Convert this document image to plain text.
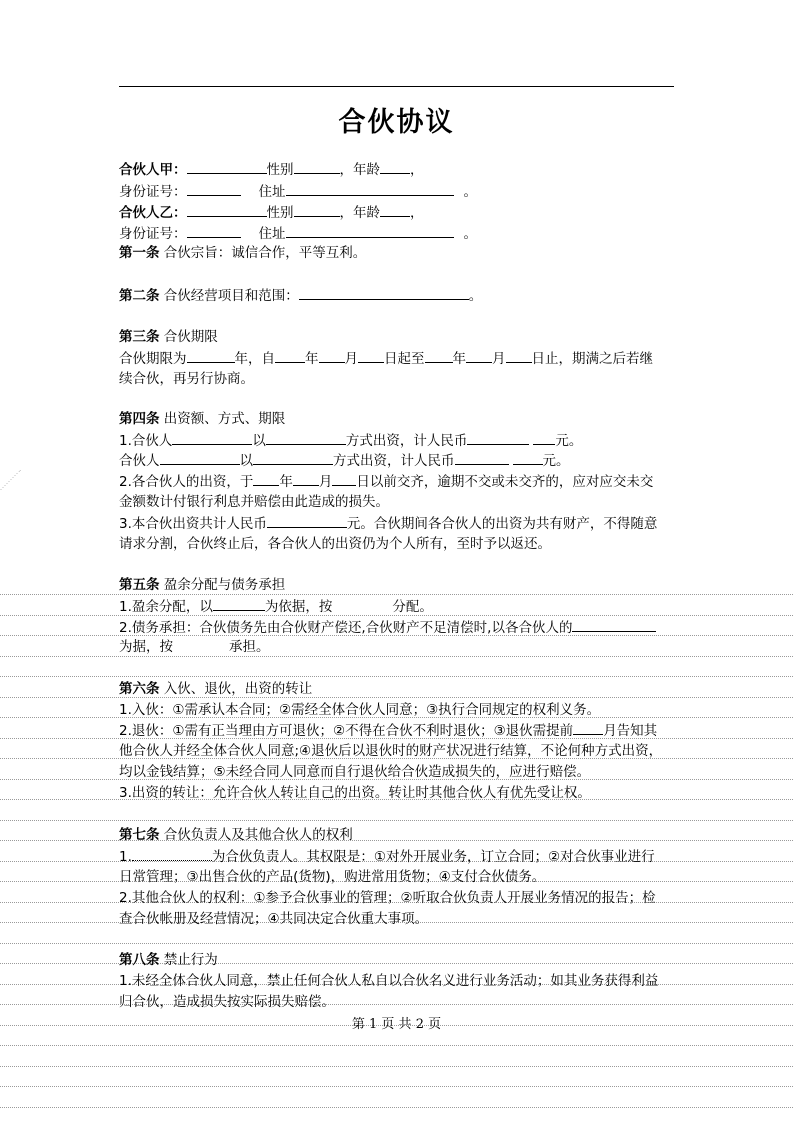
合伙协议
合伙人甲：	性别	，年龄 ，
身份证号：	住址	。
合伙人乙：	性别	，年龄 ，
身份证号：	住址	。
第一条 合伙宗旨：诚信合作，平等互利。
第二条 合伙经营项目和范围：	。
第三条 合伙期限
合伙期限为	年，自 年 月 日起至 年 月 日止，期满之后若继
续合伙，再另行协商。
第四条 出资额、方式、期限
1.合伙人	以	方式出资，计人民币	元。
合伙人	以	方式出资，计人民币	元。
2.各合伙人的出资，于 年 月 日以前交齐，逾期不交或未交齐的，应对应交未交
金额数计付银行利息并赔偿由此造成的损失。
3.本合伙出资共计人民币	元。合伙期间各合伙人的出资为共有财产，不得随意
请求分割，合伙终止后，各合伙人的出资仍为个人所有，至时予以返还。
第五条 盈余分配与债务承担
1.盈余分配，以	为依据，按	分配。
2.债务承担：合伙债务先由合伙财产偿还,合伙财产不足清偿时,以各合伙人的
为据，按	承担。
第六条 入伙、退伙，出资的转让
1.入伙：①需承认本合同；②需经全体合伙人同意；③执行合同规定的权利义务。
2.退伙：①需有正当理由方可退伙；②不得在合伙不利时退伙；③退伙需提前 月告知其
他合伙人并经全体合伙人同意;④退伙后以退伙时的财产状况进行结算，不论何种方式出资，
均以金钱结算；⑤未经合同人同意而自行退伙给合伙造成损失的，应进行赔偿。
3.出资的转让：允许合伙人转让自己的出资。转让时其他合伙人有优先受让权。
第七条 合伙负责人及其他合伙人的权利
1.	为合伙负责人。其权限是：①对外开展业务，订立合同；②对合伙事业进行
日常管理；③出售合伙的产品(货物)，购进常用货物；④支付合伙债务。
2.其他合伙人的权利：①参予合伙事业的管理；②听取合伙负责人开展业务情况的报告；检
查合伙帐册及经营情况；④共同决定合伙重大事项。
第八条 禁止行为
1.未经全体合伙人同意，禁止任何合伙人私自以合伙名义进行业务活动；如其业务获得利益
归合伙，造成损失按实际损失赔偿。
第 1 页 共 2 页
